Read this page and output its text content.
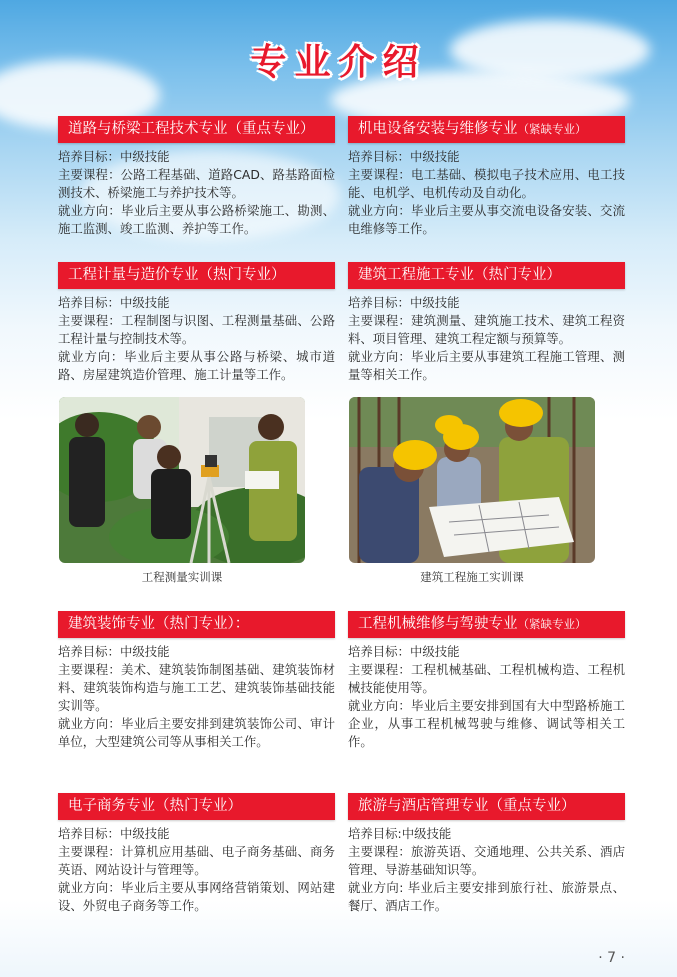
专业介绍
道路与桥梁工程技术专业（重点专业）

培养目标：中级技能

主要课程：公路工程基础、道路CAD、路基路面检测技术、桥梁施工与养护技术等。

就业方向：毕业后主要从事公路桥梁施工、勘测、施工监测、竣工监测、养护等工作。

机电设备安装与维修专业（紧缺专业）

培养目标：中级技能

主要课程：电工基础、模拟电子技术应用、电工技能、电机学、电机传动及自动化。

就业方向：毕业后主要从事交流电设备安装、交流电维修等工作。

工程计量与造价专业（热门专业）

培养目标：中级技能

主要课程：工程制图与识图、工程测量基础、公路工程计量与控制技术等。

就业方向：毕业后主要从事公路与桥梁、城市道路、房屋建筑造价管理、施工计量等工作。

建筑工程施工专业（热门专业）

培养目标：中级技能

主要课程：建筑测量、建筑施工技术、建筑工程资料、项目管理、建筑工程定额与预算等。

就业方向：毕业后主要从事建筑工程施工管理、测量等相关工作。

工程测量实训课	建筑工程施工实训课
建筑装饰专业（热门专业）：

培养目标：中级技能

主要课程：美术、建筑装饰制图基础、建筑装饰材料、建筑装饰构造与施工工艺、建筑装饰基础技能实训等。

就业方向：毕业后主要安排到建筑装饰公司、审计单位，大型建筑公司等从事相关工作。

工程机械维修与驾驶专业（紧缺专业）

培养目标：中级技能

主要课程：工程机械基础、工程机械构造、工程机械技能使用等。

就业方向：毕业后主要安排到国有大中型路桥施工企业，从事工程机械驾驶与维修、调试等相关工作。

电子商务专业（热门专业）

培养目标：中级技能

主要课程：计算机应用基础、电子商务基础、商务英语、网站设计与管理等。

就业方向：毕业后主要从事网络营销策划、网站建设、外贸电子商务等工作。

旅游与酒店管理专业（重点专业）

培养目标:中级技能

主要课程：旅游英语、交通地理、公共关系、酒店管理、导游基础知识等。

就业方向: 毕业后主要安排到旅行社、旅游景点、餐厅、酒店工作。

· 7 ·
